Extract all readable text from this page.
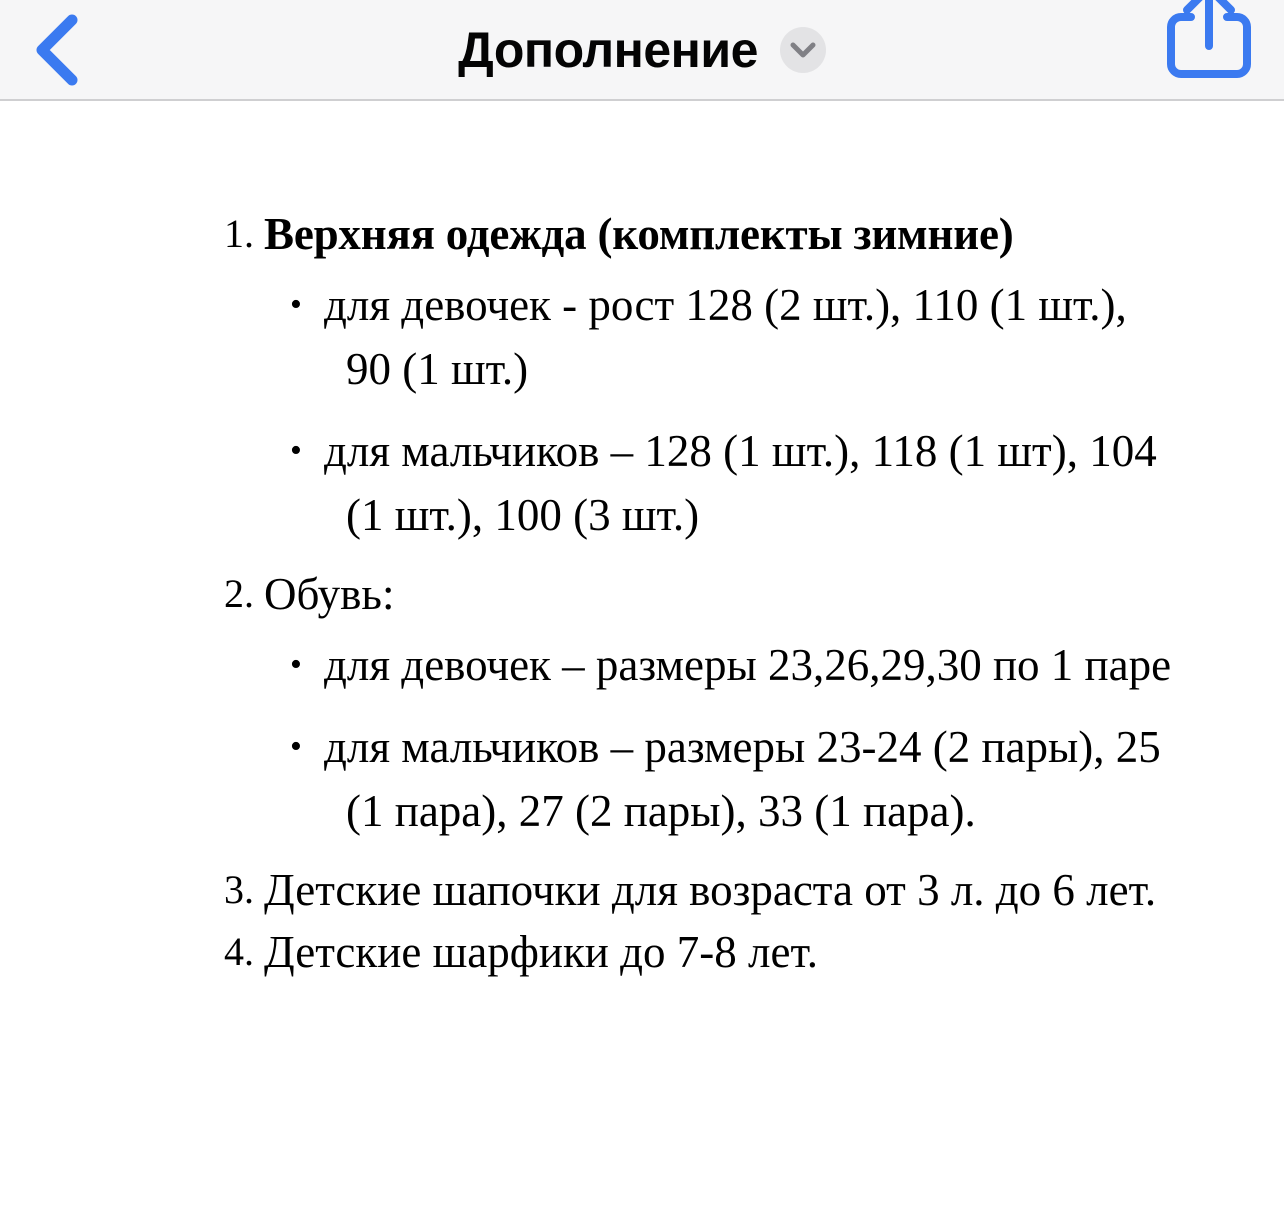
Дополнение
1. Верхняя одежда (комплекты зимние)
• для девочек - рост 128 (2 шт.), 110 (1 шт.), 90 (1 шт.)
• для мальчиков – 128 (1 шт.), 118 (1 шт), 104 (1 шт.), 100 (3 шт.)
2. Обувь:
• для девочек – размеры 23,26,29,30 по 1 паре
• для мальчиков – размеры 23-24 (2 пары), 25 (1 пара), 27 (2 пары), 33 (1 пара).
3. Детские шапочки для возраста от 3 л. до 6 лет.
4. Детские шарфики до 7-8 лет.
